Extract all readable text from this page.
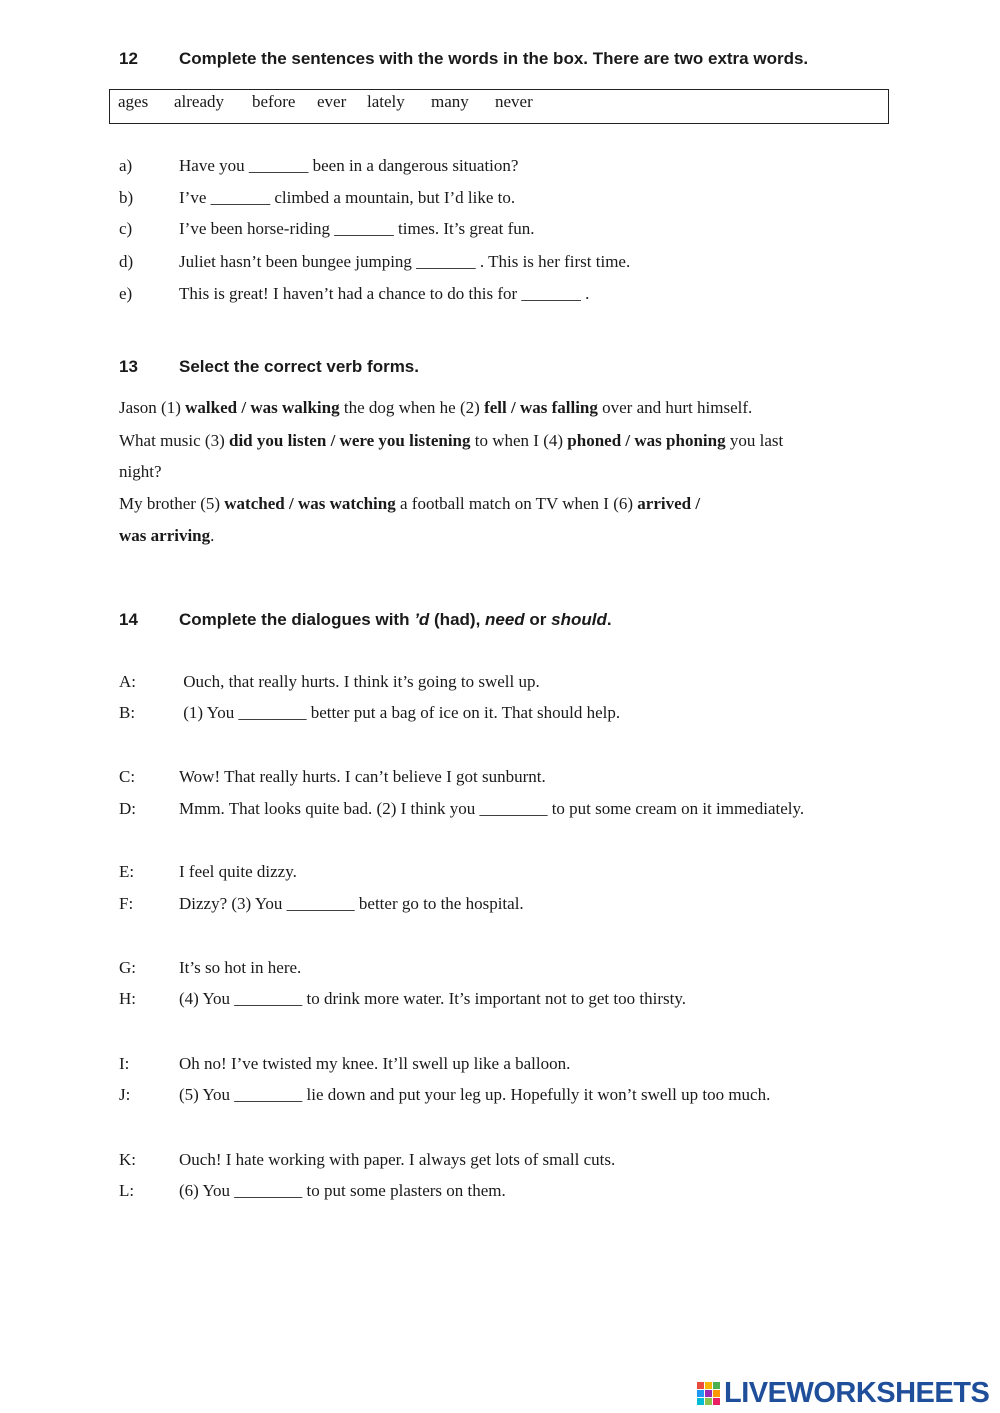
12 Complete the sentences with the words in the box. There are two extra words.
ages already before ever lately many never
a)	Have you _______ been in a dangerous situation?
b)	I’ve _______ climbed a mountain, but I’d like to.
c)	I’ve been horse-riding _______ times. It’s great fun.
d)	Juliet hasn’t been bungee jumping _______ . This is her first time.
e)	This is great! I haven’t had a chance to do this for _______ .
13 Select the correct verb forms.
Jason (1) walked / was walking the dog when he (2) fell / was falling over and hurt himself.
What music (3) did you listen / were you listening to when I (4) phoned / was phoning you last
night?
My brother (5) watched / was watching a football match on TV when I (6) arrived /
was arriving.
14 Complete the dialogues with ’d (had), need or should.
A:	Ouch, that really hurts. I think it’s going to swell up.
B:	(1) You ________ better put a bag of ice on it. That should help.
C:	Wow! That really hurts. I can’t believe I got sunburnt.
D:	Mmm. That looks quite bad. (2) I think you ________ to put some cream on it immediately.
E:	I feel quite dizzy.
F:	Dizzy? (3) You ________ better go to the hospital.
G:	It’s so hot in here.
H:	(4) You ________ to drink more water. It’s important not to get too thirsty.
I:	Oh no! I’ve twisted my knee. It’ll swell up like a balloon.
J:	(5) You ________ lie down and put your leg up. Hopefully it won’t swell up too much.
K:	Ouch! I hate working with paper. I always get lots of small cuts.
L:	(6) You ________ to put some plasters on them.
LIVEWORKSHEETS
